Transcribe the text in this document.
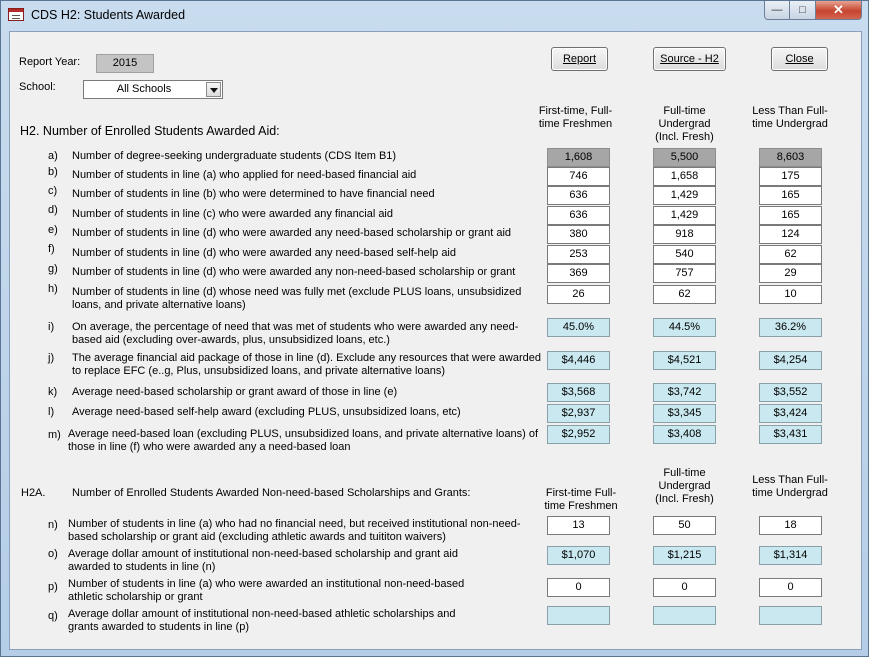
CDS H2: Students Awarded	— □ ✕
Report Year:	2015
School:	All Schools
Report	Source - H2	Close
First-time, Full-time Freshmen
Full-time Undergrad (Incl. Fresh)
Less Than Full-time Undergrad
H2. Number of Enrolled Students Awarded Aid:
a) Number of degree-seeking undergraduate students (CDS Item B1)	1,608	5,500	8,603
b) Number of students in line (a) who applied for need-based financial aid	746	1,658	175
c) Number of students in line (b) who were determined to have financial need	636	1,429	165
d) Number of students in line (c) who were awarded any financial aid	636	1,429	165
e) Number of students in line (d) who were awarded any need-based scholarship or grant aid	380	918	124
f) Number of students in line (d) who were awarded any need-based self-help aid	253	540	62
g) Number of students in line (d) who were awarded any non-need-based scholarship or grant	369	757	29
h) Number of students in line (d) whose need was fully met (exclude PLUS loans, unsubsidized loans, and private alternative loans)
26	62	10
i) On average, the percentage of need that was met of students who were awarded any need-based aid (excluding over-awards, plus, unsubsidized loans, etc.)
45.0%	44.5%	36.2%
j) The average financial aid package of those in line (d). Exclude any resources that were awarded to replace EFC (e..g, Plus, unsubsidized loans, and private alternative loans)
$4,446	$4,521	$4,254
k) Average need-based scholarship or grant award of those in line (e)	$3,568	$3,742	$3,552
l) Average need-based self-help award (excluding PLUS, unsubsidized loans, etc)	$2,937	$3,345	$3,424
m) Average need-based loan (excluding PLUS, unsubsidized loans, and private alternative loans) of those in line (f) who were awarded any a need-based loan
$2,952	$3,408	$3,431
H2A. Number of Enrolled Students Awarded Non-need-based Scholarships and Grants:	First-time Full-time Freshmen
Full-time Undergrad (Incl. Fresh)
Less Than Full-time Undergrad
n) Number of students in line (a) who had no financial need, but received institutional non-need-based scholarship or grant aid (excluding athletic awards and tuititon waivers)
13	50	18
o) Average dollar amount of institutional non-need-based scholarship and grant aid awarded to students in line (n)
$1,070	$1,215	$1,314
p) Number of students in line (a) who were awarded an institutional non-need-based athletic scholarship or grant
0	0	0
q) Average dollar amount of institutional non-need-based athletic scholarships and grants awarded to students in line (p)
